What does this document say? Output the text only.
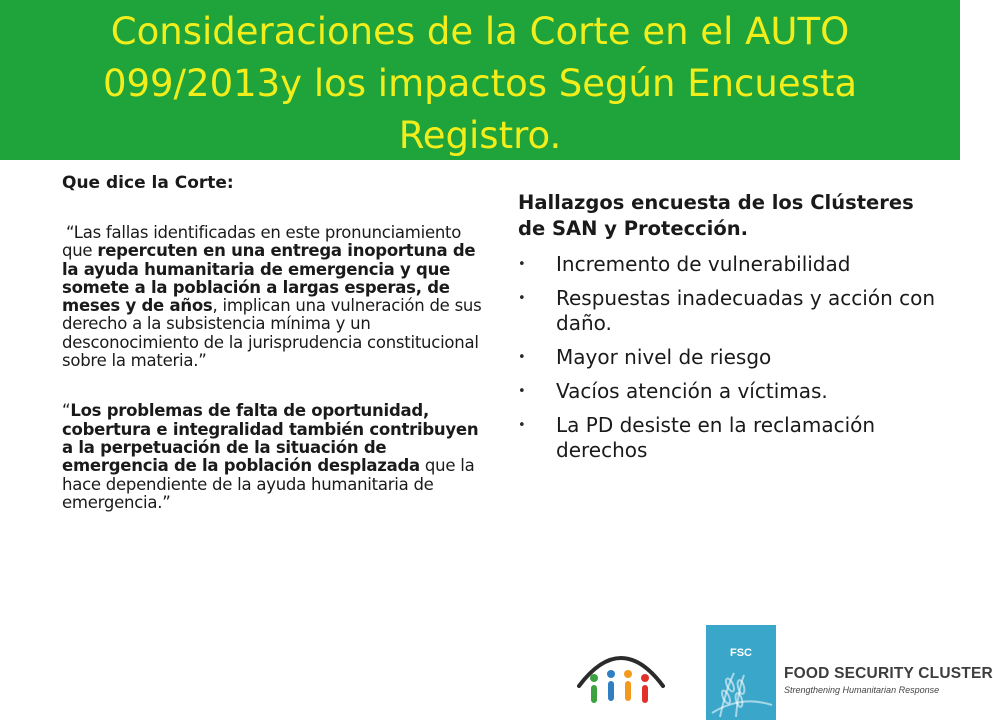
Consideraciones de la Corte en el AUTO 099/2013y los impactos Según Encuesta Registro.

Que dice la Corte:

“Las fallas identificadas en este pronunciamiento que repercuten en una entrega inoportuna de la ayuda humanitaria de emergencia y que somete a la población a largas esperas, de meses y de años, implican una vulneración de sus derecho a la subsistencia mínima y un desconocimiento de la jurisprudencia constitucional sobre la materia.”

“Los problemas de falta de oportunidad, cobertura e integralidad también contribuyen a la perpetuación de la situación de emergencia de la población desplazada que la hace dependiente de la ayuda humanitaria de emergencia.”

Hallazgos encuesta de los Clústeres de SAN y Protección.

• Incremento de vulnerabilidad
• Respuestas inadecuadas y acción con daño.
• Mayor nivel de riesgo
• Vacíos atención a víctimas.
• La PD desiste en la reclamación derechos
FSC
FOOD SECURITY CLUSTER
Strengthening Humanitarian Response
